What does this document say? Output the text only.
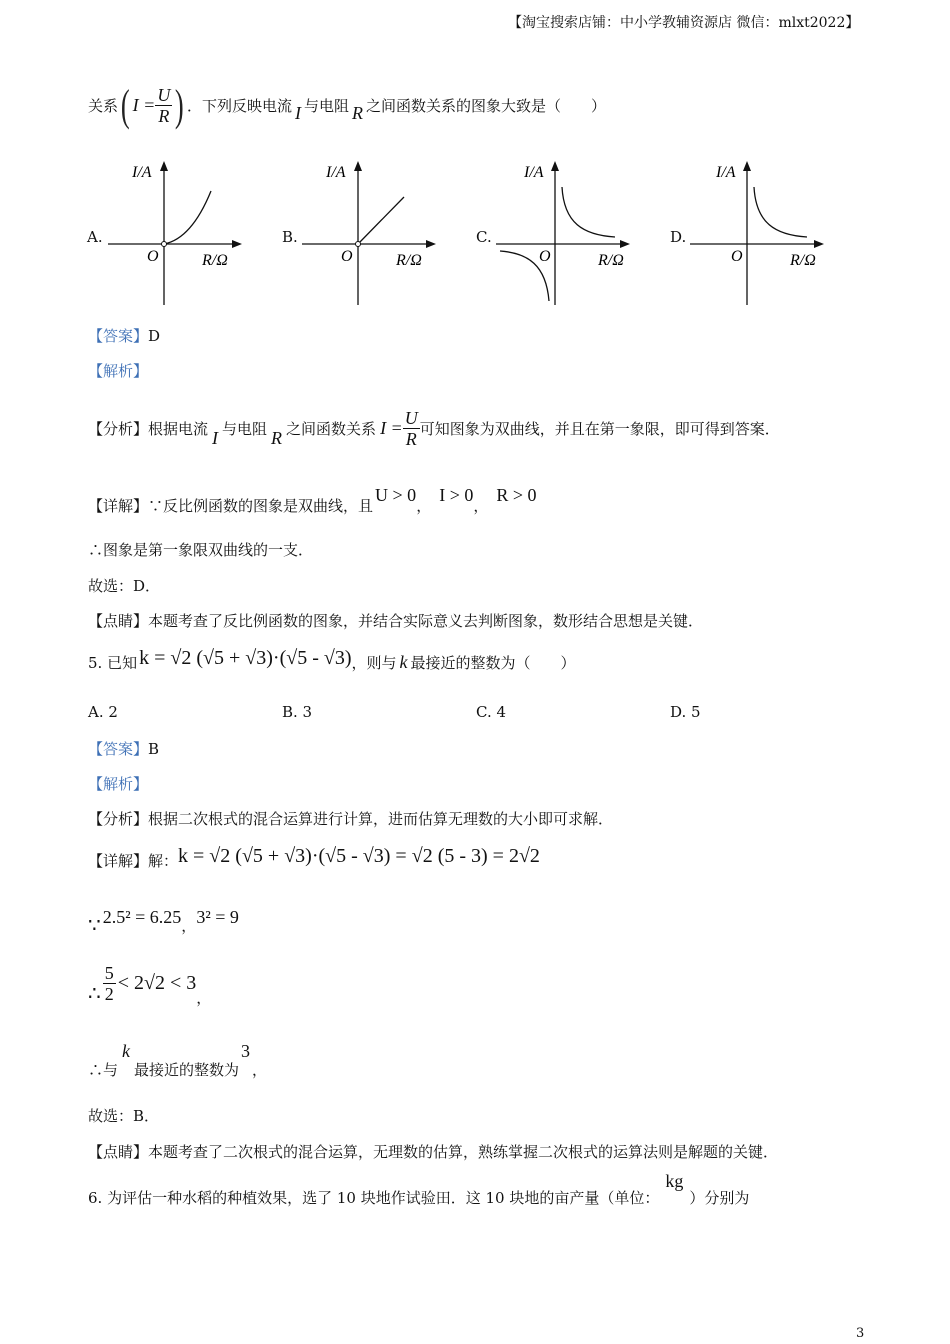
【淘宝搜索店铺：中小学教辅资源店 微信：mlxt2022】
关系 ( $I = \frac{U}{R}$ ) ．下列反映电流 I 与电阻 R 之间函数关系的图象大致是（　　）
A.	B.	C.	D.
I/A
O	R/Ω
I/A
O	R/Ω
I/A
O	R/Ω
I/A
O	R/Ω
【答案】D
【解析】
【分析】 根据电流 I 与电阻 R 之间函数关系 $I = \frac{U}{R}$ 可知图象为双曲线，并且在第一象限，即可得到答案．
【详解】 ∵反比例函数的图象是双曲线，且
U > 0
，
I > 0
，
R > 0
∴图象是第一象限双曲线的一支．
故选：D．
【点睛】本题考查了反比例函数的图象，并结合实际意义去判断图象，数形结合思想是关键．
5. 已知 k = √2 (√5 + √3)·(√5 - √3) ，则与 k 最接近的整数为（　　）
A. 2	B. 3	C. 4	D. 5
【答案】B
【解析】
【分析】根据二次根式的混合运算进行计算，进而估算无理数的大小即可求解．
【详解】 解： k = √2 (√5 + √3)·(√5 - √3) = √2 (5 - 3) = 2√2
∵ 2.5² = 6.25 ， 3² = 9
∴ $\frac{5}{2} < 2√2 < 3$
，
∴与
k
最接近的整数为
3
，
故选：B．
【点睛】本题考查了二次根式的混合运算，无理数的估算，熟练掌握二次根式的运算法则是解题的关键．
6. 为评估一种水稻的种植效果，选了 10 块地作试验田．这 10 块地的亩产量（单位：
kg
）分别为
3
